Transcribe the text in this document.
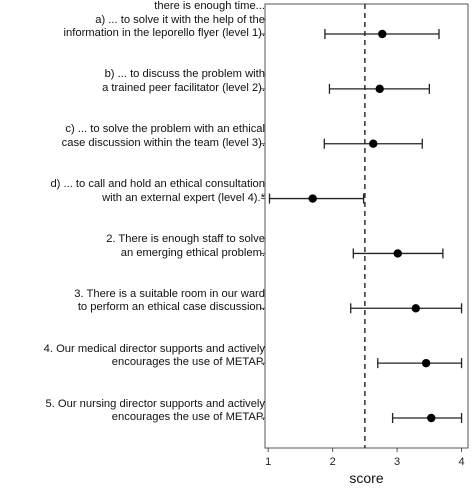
1	2	3	4
score

there is enough time...
a) ... to solve it with the help of the
information in the leporello flyer (level 1).
b) ... to discuss the problem with
a trained peer facilitator (level 2).
c) ... to solve the problem with an ethical
case discussion within the team (level 3).
d) ... to call and hold an ethical consultation
with an external expert (level 4).*
2. There is enough staff to solve
an emerging ethical problem.
3. There is a suitable room in our ward
to perform an ethical case discussion.
4. Our medical director supports and actively
encourages the use of METAP.
5. Our nursing director supports and actively
encourages the use of METAP.
